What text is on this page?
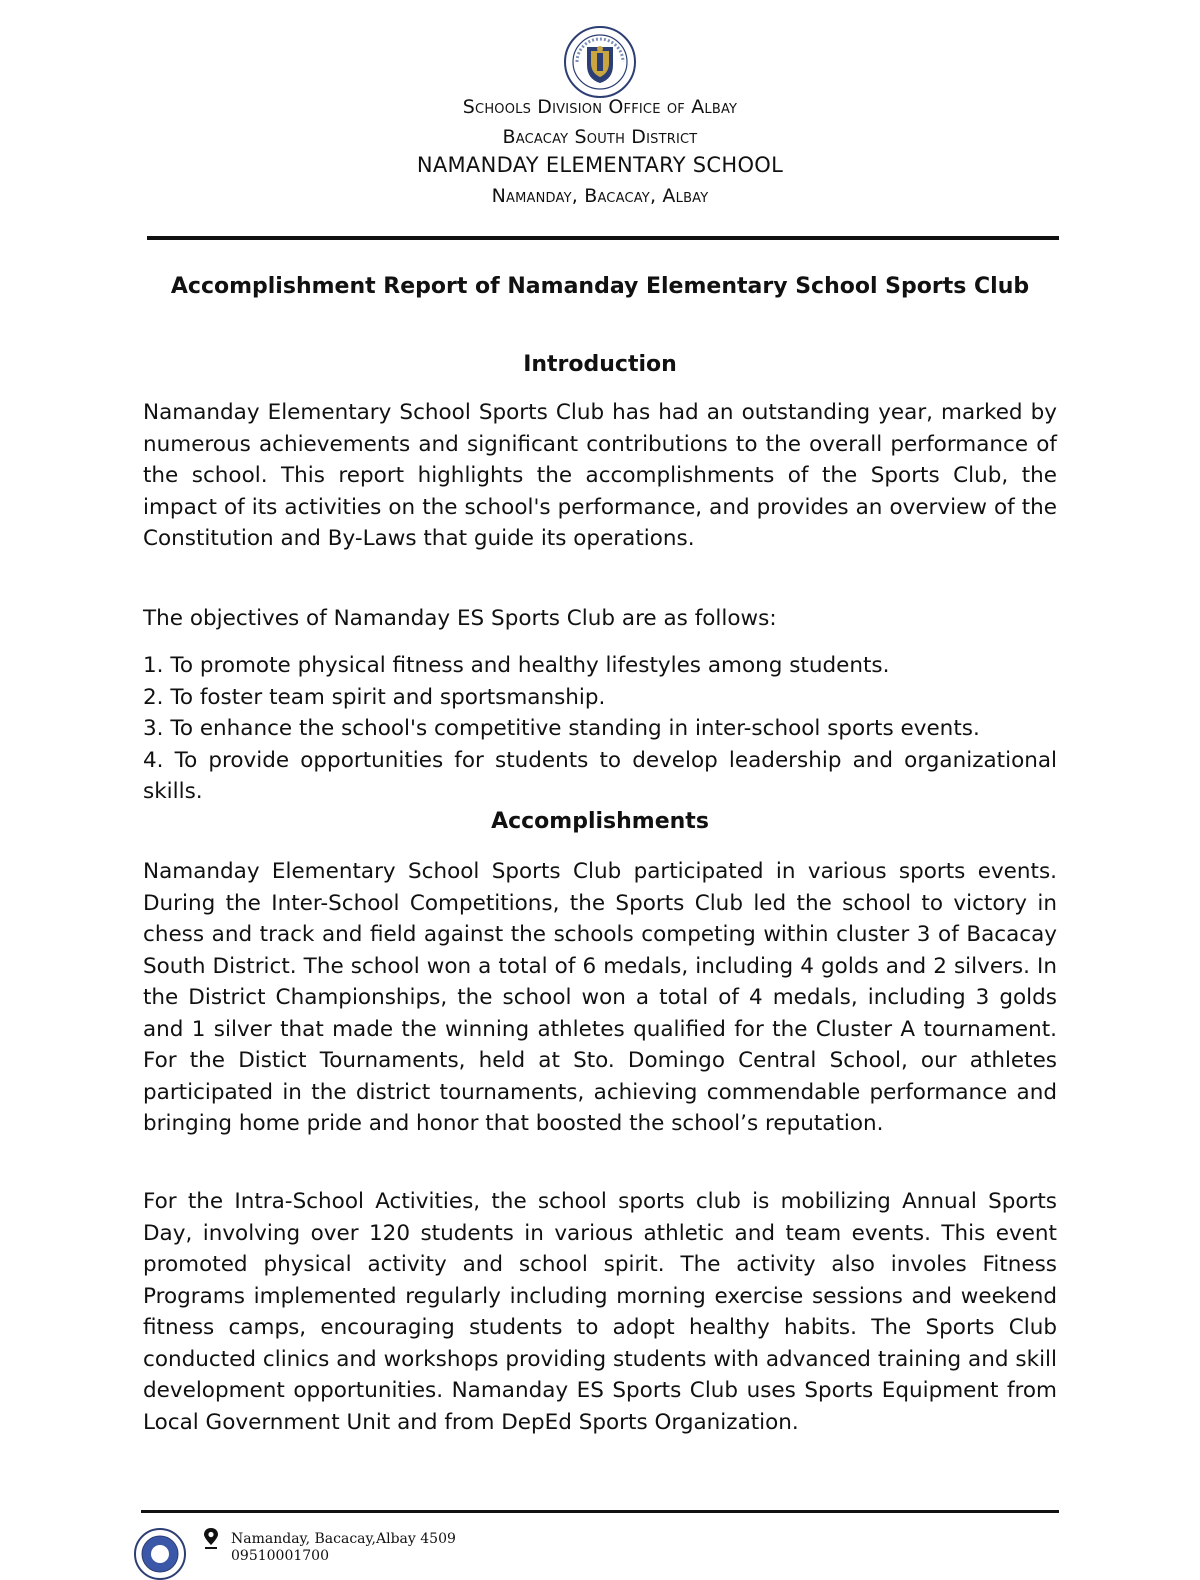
Schools Division Office of Albay
Bacacay South District
NAMANDAY ELEMENTARY SCHOOL
Namanday, Bacacay, Albay
Accomplishment Report of Namanday Elementary School Sports Club
Introduction

Namanday Elementary School Sports Club has had an outstanding year, marked by numerous achievements and significant contributions to the overall performance of the school. This report highlights the accomplishments of the Sports Club, the impact of its activities on the school's performance, and provides an overview of the Constitution and By-Laws that guide its operations.

The objectives of Namanday ES Sports Club are as follows:

1. To promote physical fitness and healthy lifestyles among students.
2. To foster team spirit and sportsmanship.
3. To enhance the school's competitive standing in inter-school sports events.
4. To provide opportunities for students to develop leadership and organizational skills.
Accomplishments

Namanday Elementary School Sports Club participated in various sports events. During the Inter-School Competitions, the Sports Club led the school to victory in chess and track and field against the schools competing within cluster 3 of Bacacay South District. The school won a total of 6 medals, including 4 golds and 2 silvers. In the District Championships, the school won a total of 4 medals, including 3 golds and 1 silver that made the winning athletes qualified for the Cluster A tournament. For the Distict Tournaments, held at Sto. Domingo Central School, our athletes participated in the district tournaments, achieving commendable performance and bringing home pride and honor that boosted the school’s reputation.

For the Intra-School Activities, the school sports club is mobilizing Annual Sports Day, involving over 120 students in various athletic and team events. This event promoted physical activity and school spirit. The activity also involes Fitness Programs implemented regularly including morning exercise sessions and weekend fitness camps, encouraging students to adopt healthy habits. The Sports Club conducted clinics and workshops providing students with advanced training and skill development opportunities. Namanday ES Sports Club uses Sports Equipment from Local Government Unit and from DepEd Sports Organization.

Namanday, Bacacay,Albay 4509
09510001700
